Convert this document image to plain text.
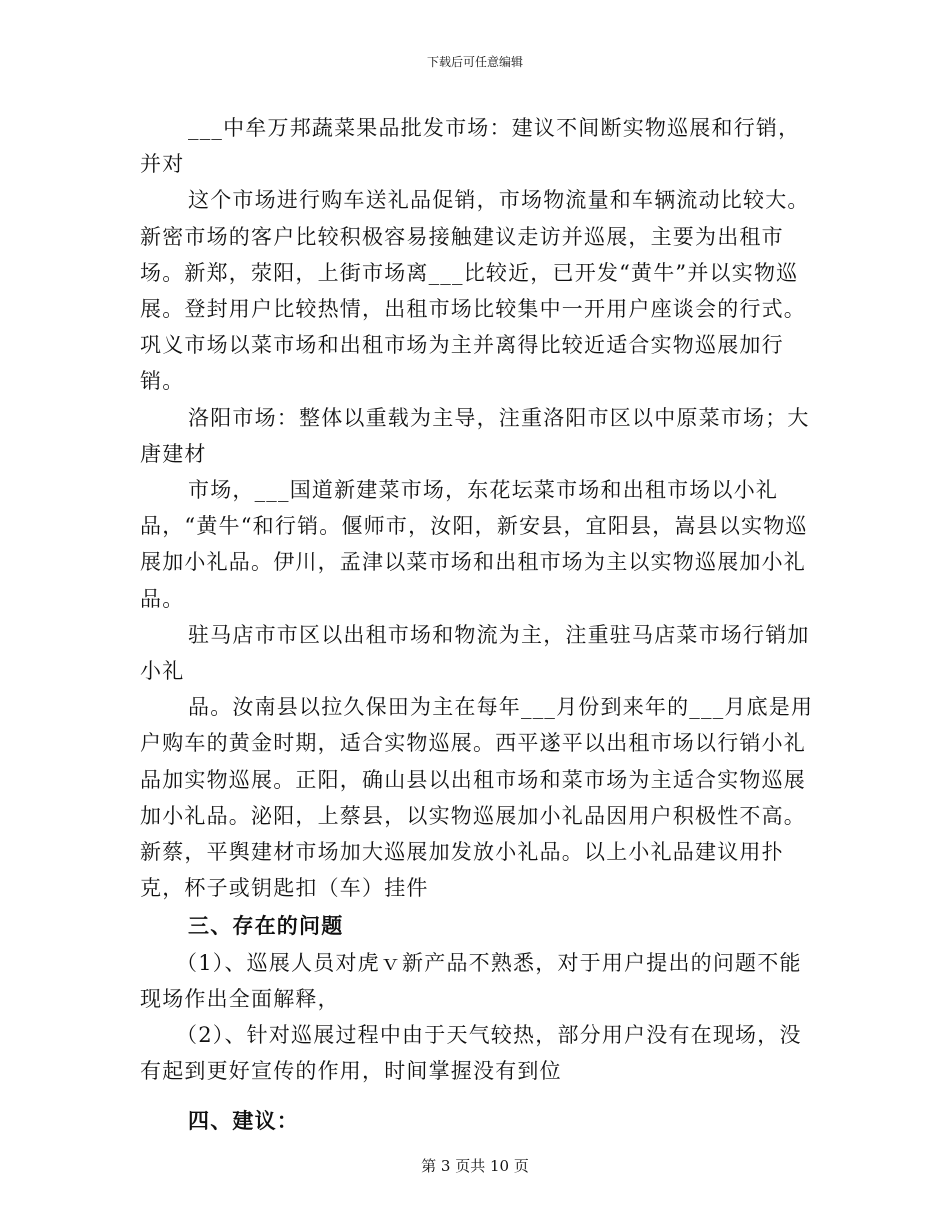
下载后可任意编辑
___中牟万邦蔬菜果品批发市场：建议不间断实物巡展和行销，并对
这个市场进行购车送礼品促销，市场物流量和车辆流动比较大。新密市场的客户比较积极容易接触建议走访并巡展，主要为出租市场。新郑，荥阳，上街市场离___比较近，已开发“黄牛”并以实物巡展。登封用户比较热情，出租市场比较集中一开用户座谈会的行式。巩义市场以菜市场和出租市场为主并离得比较近适合实物巡展加行销。
洛阳市场：整体以重载为主导，注重洛阳市区以中原菜市场；大唐建材
市场，___国道新建菜市场，东花坛菜市场和出租市场以小礼品，“黄牛“和行销。偃师市，汝阳，新安县，宜阳县，嵩县以实物巡展加小礼品。伊川，孟津以菜市场和出租市场为主以实物巡展加小礼品。
驻马店市市区以出租市场和物流为主，注重驻马店菜市场行销加小礼
品。汝南县以拉久保田为主在每年___月份到来年的___月底是用户购车的黄金时期，适合实物巡展。西平遂平以出租市场以行销小礼品加实物巡展。正阳，确山县以出租市场和菜市场为主适合实物巡展加小礼品。泌阳，上蔡县，以实物巡展加小礼品因用户积极性不高。新蔡，平舆建材市场加大巡展加发放小礼品。以上小礼品建议用扑克，杯子或钥匙扣（车）挂件
三、存在的问题
（1）、巡展人员对虎ｖ新产品不熟悉，对于用户提出的问题不能现场作出全面解释，
（2）、针对巡展过程中由于天气较热，部分用户没有在现场，没有起到更好宣传的作用，时间掌握没有到位
四、建议：
第 3 页共 10 页
